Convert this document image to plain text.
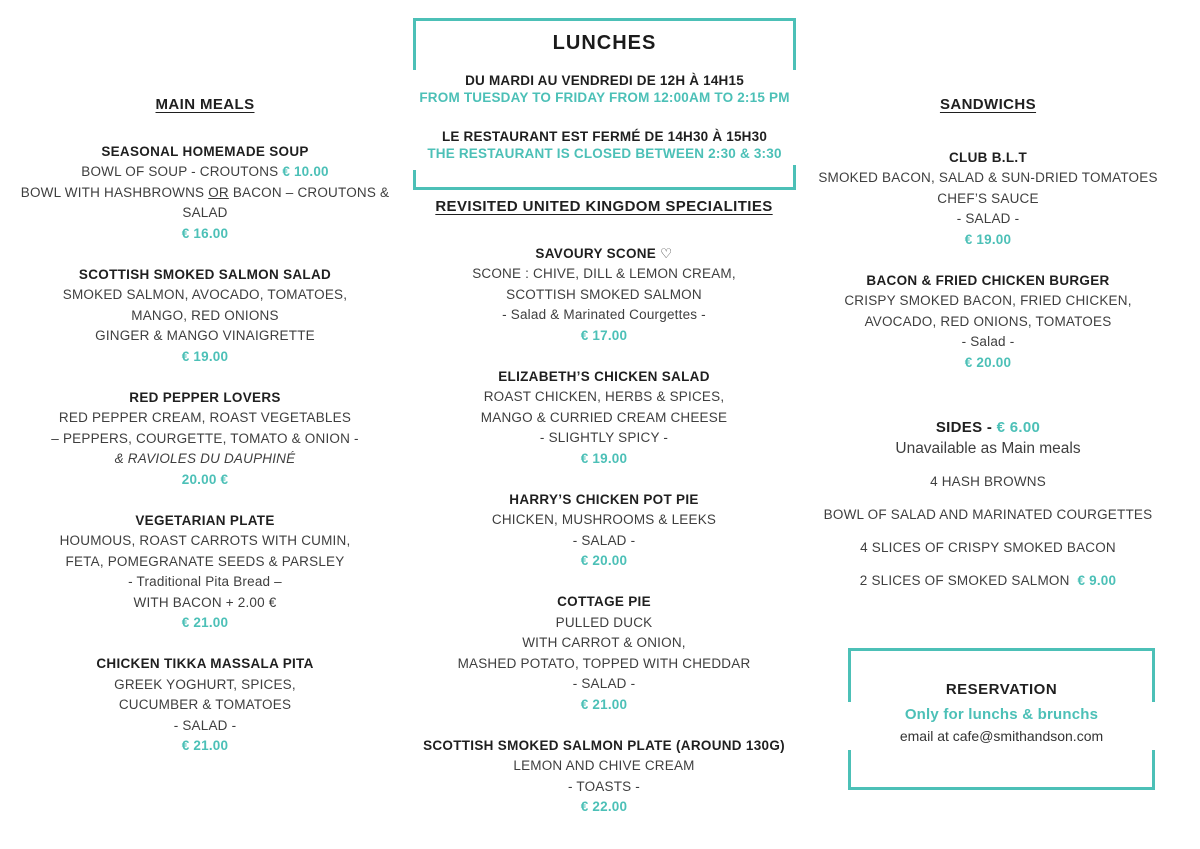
LUNCHES
DU MARDI AU VENDREDI DE 12H À 14H15
FROM TUESDAY TO FRIDAY FROM 12:00AM TO 2:15 PM
LE RESTAURANT EST FERMÉ DE 14H30 À 15H30
THE RESTAURANT IS CLOSED BETWEEN 2:30 & 3:30
MAIN MEALS
SEASONAL HOMEMADE SOUP
BOWL OF SOUP - CROUTONS € 10.00
BOWL WITH HASHBROWNS OR BACON – CROUTONS & SALAD
€ 16.00
SCOTTISH SMOKED SALMON SALAD
SMOKED SALMON, AVOCADO, TOMATOES,
MANGO, RED ONIONS
GINGER & MANGO VINAIGRETTE
€ 19.00
RED PEPPER LOVERS
RED PEPPER CREAM, ROAST VEGETABLES
– PEPPERS, COURGETTE, TOMATO & ONION -
& RAVIOLES DU DAUPHINÉ
20.00 €
VEGETARIAN PLATE
HOUMOUS, ROAST CARROTS WITH CUMIN,
FETA, POMEGRANATE SEEDS & PARSLEY
- Traditional Pita Bread –
WITH BACON + 2.00 €
€ 21.00
CHICKEN TIKKA MASSALA PITA
GREEK YOGHURT, SPICES,
CUCUMBER & TOMATOES
- SALAD -
€ 21.00
REVISITED UNITED KINGDOM SPECIALITIES
SAVOURY SCONE ♡
SCONE : CHIVE, DILL & LEMON CREAM,
SCOTTISH SMOKED SALMON
- Salad & Marinated Courgettes -
€ 17.00
ELIZABETH’S CHICKEN SALAD
ROAST CHICKEN, HERBS & SPICES,
MANGO & CURRIED CREAM CHEESE
- SLIGHTLY SPICY -
€ 19.00
HARRY’S CHICKEN POT PIE
CHICKEN, MUSHROOMS & LEEKS
- SALAD -
€ 20.00
COTTAGE PIE
PULLED DUCK
WITH CARROT & ONION,
MASHED POTATO, TOPPED WITH CHEDDAR
- SALAD -
€ 21.00
SCOTTISH SMOKED SALMON PLATE (AROUND 130G)
LEMON AND CHIVE CREAM
- TOASTS -
€ 22.00
SANDWICHS
CLUB B.L.T
SMOKED BACON, SALAD & SUN-DRIED TOMATOES
CHEF’S SAUCE
- SALAD -
€ 19.00
BACON & FRIED CHICKEN BURGER
CRISPY SMOKED BACON, FRIED CHICKEN,
AVOCADO, RED ONIONS, TOMATOES
- Salad -
€ 20.00
SIDES - € 6.00
Unavailable as Main meals
4 HASH BROWNS
BOWL OF SALAD AND MARINATED COURGETTES
4 SLICES OF CRISPY SMOKED BACON
2 SLICES OF SMOKED SALMON  € 9.00
RESERVATION
Only for lunchs & brunchs
email at cafe@smithandson.com
